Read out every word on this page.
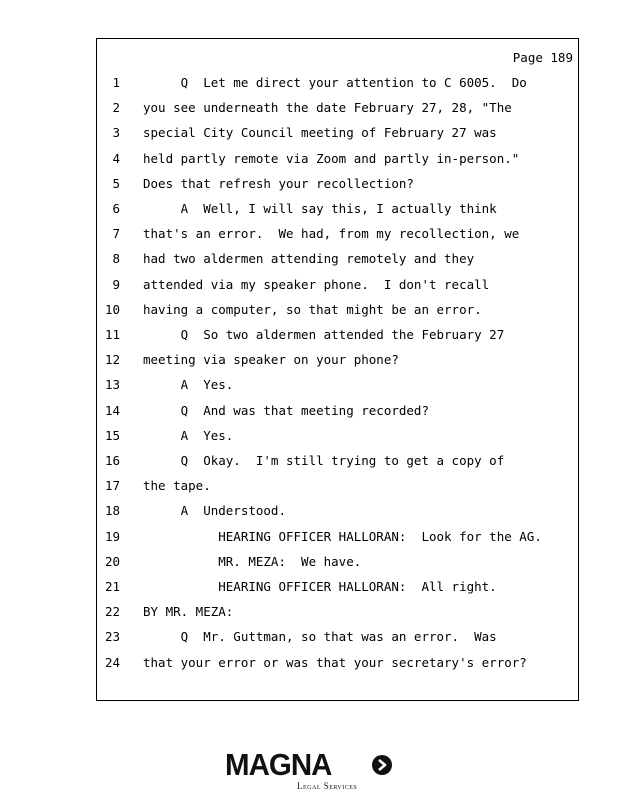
Page 189
1 Q  Let me direct your attention to C 6005.  Do
2 you see underneath the date February 27, 28, "The
3 special City Council meeting of February 27 was
4 held partly remote via Zoom and partly in-person."
5 Does that refresh your recollection?
6 A  Well, I will say this, I actually think
7 that's an error.  We had, from my recollection, we
8 had two aldermen attending remotely and they
9 attended via my speaker phone.  I don't recall
10 having a computer, so that might be an error.
11 Q  So two aldermen attended the February 27
12 meeting via speaker on your phone?
13 A  Yes.
14 Q  And was that meeting recorded?
15 A  Yes.
16 Q  Okay.  I'm still trying to get a copy of
17 the tape.
18 A  Understood.
19 HEARING OFFICER HALLORAN:  Look for the AG.
20 MR. MEZA:  We have.
21 HEARING OFFICER HALLORAN:  All right.
22 BY MR. MEZA:
23 Q  Mr. Guttman, so that was an error.  Was
24 that your error or was that your secretary's error?
MAGNA
Legal Services
